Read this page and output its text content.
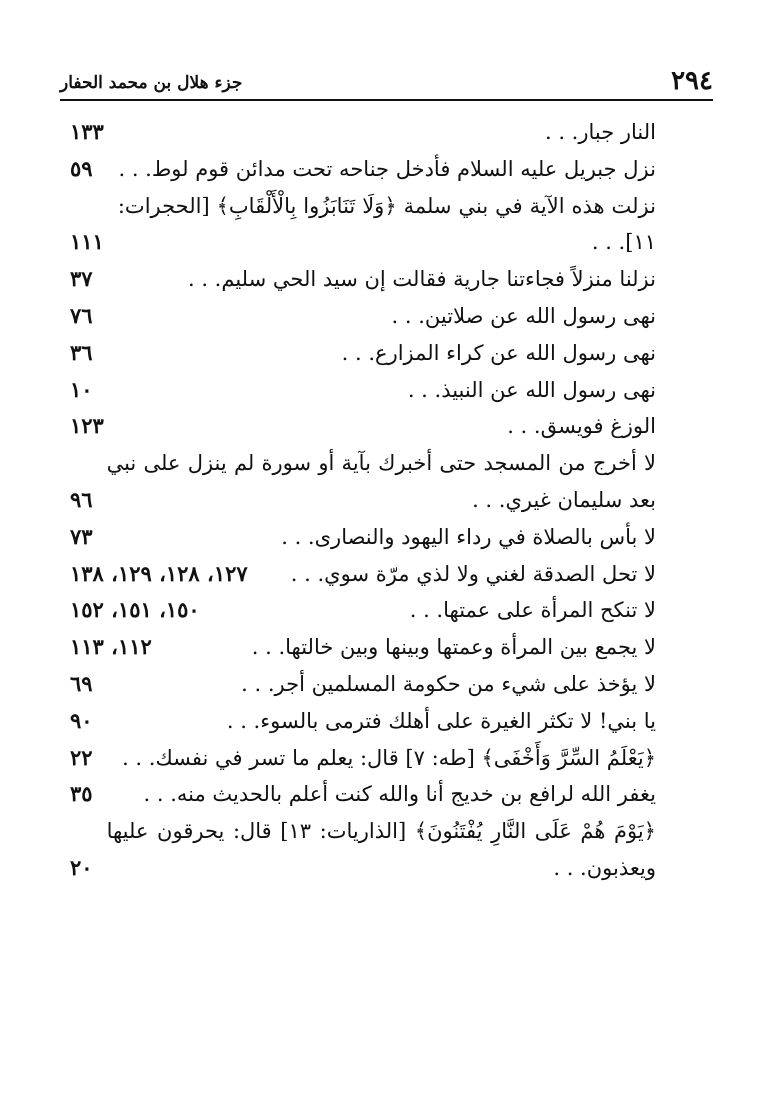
٢٩٤
جزء هلال بن محمد الحفار
النار جبار. . .
١٣٣
نزل جبريل عليه السلام فأدخل جناحه تحت مدائن قوم لوط. . .
٥٩
نزلت هذه الآية في بني سلمة ﴿وَلَا تَنَابَزُوا بِالْأَلْقَابِ﴾ [الحجرات: ١١]. . .
١١١
نزلنا منزلاً فجاءتنا جارية فقالت إن سيد الحي سليم. . .
٣٧
نهى رسول الله عن صلاتين. . .
٧٦
نهى رسول الله عن كراء المزارع. . .
٣٦
نهى رسول الله عن النبيذ. . .
١٠
الوزغ فويسق. . .
١٢٣
لا أخرج من المسجد حتى أخبرك بآية أو سورة لم ينزل على نبي بعد سليمان غيري. . .
٩٦
لا بأس بالصلاة في رداء اليهود والنصارى. . .
٧٣
لا تحل الصدقة لغني ولا لذي مرّة سوي. . .
١٢٧، ١٢٨، ١٢٩، ١٣٨
لا تنكح المرأة على عمتها. . .
١٥٠، ١٥١، ١٥٢
لا يجمع بين المرأة وعمتها وبينها وبين خالتها. . .
١١٢، ١١٣
لا يؤخذ على شيء من حكومة المسلمين أجر. . .
٦٩
يا بني! لا تكثر الغيرة على أهلك فترمى بالسوء. . .
٩٠
﴿يَعْلَمُ السِّرَّ وَأَخْفَى﴾ [طه: ٧] قال: يعلم ما تسر في نفسك. . .
٢٢
يغفر الله لرافع بن خديج أنا والله كنت أعلم بالحديث منه. . .
٣٥
﴿يَوْمَ هُمْ عَلَى النَّارِ يُفْتَنُونَ﴾ [الذاريات: ١٣] قال: يحرقون عليها ويعذبون. . .
٢٠
